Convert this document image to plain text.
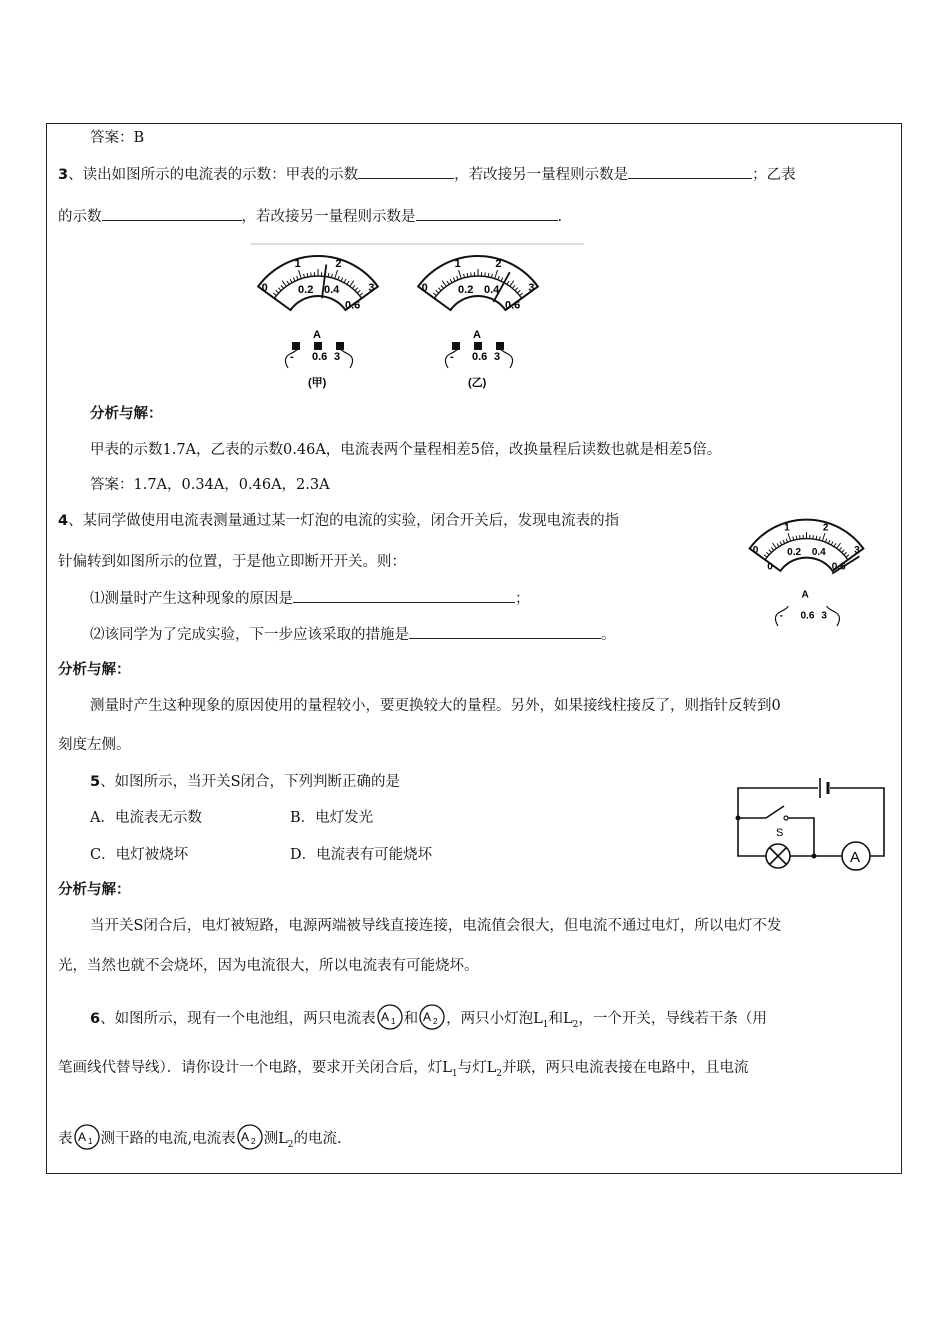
答案：B
3、读出如图所示的电流表的示数：甲表的示数	，若改接另一量程则示数是	；乙表
的示数	，若改接另一量程则示数是	.
0
1	2
3
0.2 0.4
0.6
A
- 0.6 3
(甲)
0
1	2
3
0.2 0.4
0.6
A
- 0.6 3
(乙)
分析与解：
甲表的示数1.7A，乙表的示数0.46A，电流表两个量程相差5倍，改换量程后读数也就是相差5倍。
答案：1.7A，0.34A，0.46A，2.3A
4、某同学做使用电流表测量通过某一灯泡的电流的实验，闭合开关后，发现电流表的指
针偏转到如图所示的位置，于是他立即断开开关。则：
⑴测量时产生这种现象的原因是	；
⑵该同学为了完成实验，下一步应该采取的措施是	。
0
1	2
3
0
0.2 0.4
0.6
A
- 0.6 3
分析与解：
测量时产生这种现象的原因使用的量程较小，要更换较大的量程。另外，如果接线柱接反了，则指针反转到0
刻度左侧。
5、如图所示，当开关S闭合，下列判断正确的是
A．电流表无示数	B．电灯发光
C．电灯被烧坏	D．电流表有可能烧坏
S
A
分析与解：
当开关S闭合后，电灯被短路，电源两端被导线直接连接，电流值会很大，但电流不通过电灯，所以电灯不发
光，当然也就不会烧坏，因为电流很大，所以电流表有可能烧坏。
6、如图所示，现有一个电池组，两只电流表 A 1 和 A 2 ，两只小灯泡$L_1$和$L_2$，一个开关，导线若干条（用
笔画线代替导线）．请你设计一个电路，要求开关闭合后，灯$L_1$与灯$L_2$并联，两只电流表接在电路中，且电流
表 A 1 测干路的电流,电流表 A 2 测$L_2$的电流.
